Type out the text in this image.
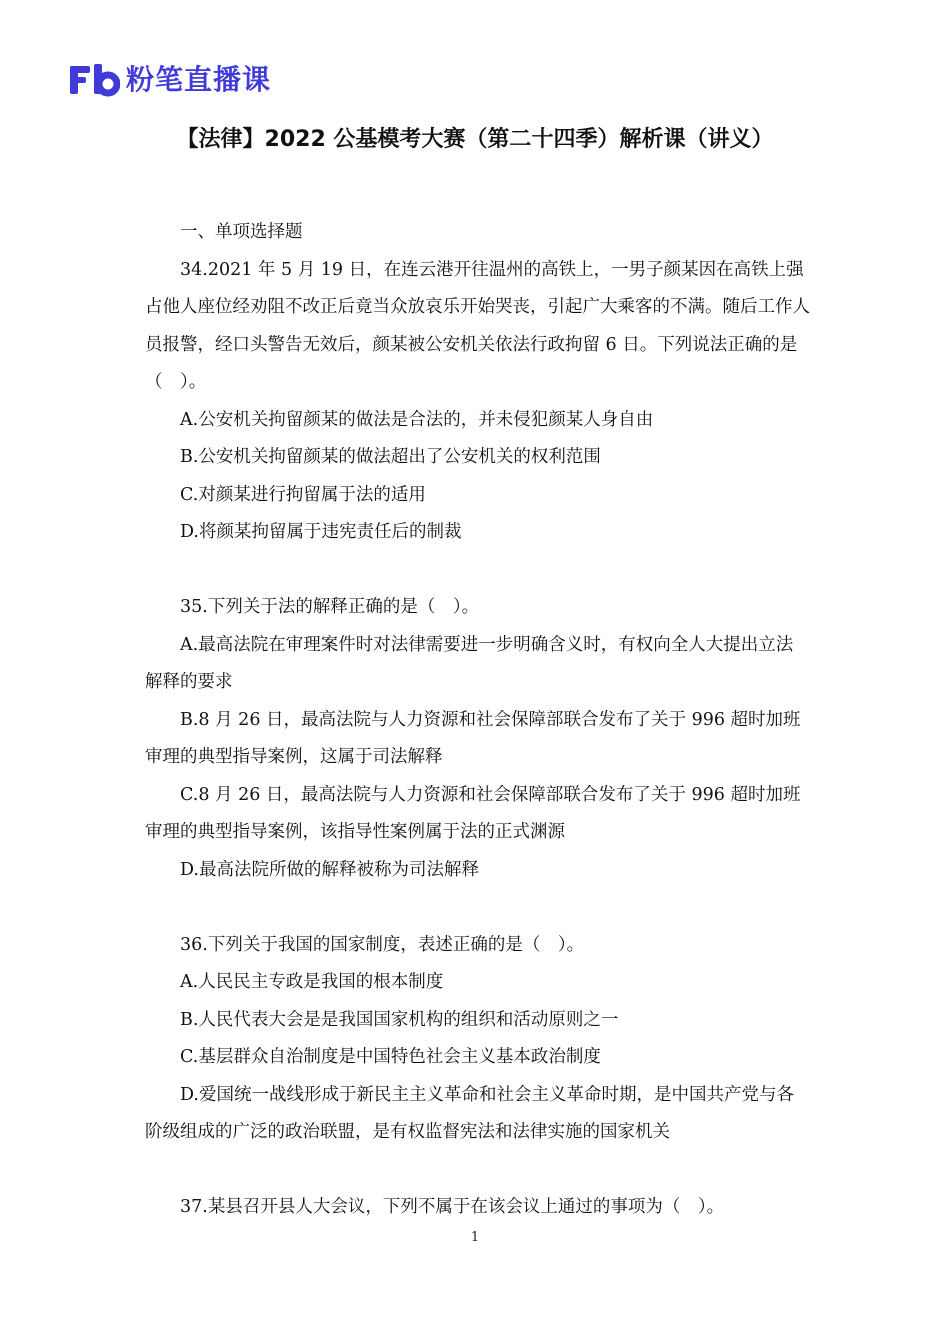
粉笔直播课
【法律】2022 公基模考大赛（第二十四季）解析课（讲义）

一、单项选择题

34.2021 年 5 月 19 日，在连云港开往温州的高铁上，一男子颜某因在高铁上强占他人座位经劝阻不改正后竟当众放哀乐开始哭丧，引起广大乘客的不满。随后工作人员报警，经口头警告无效后，颜某被公安机关依法行政拘留 6 日。下列说法正确的是（　）。

A.公安机关拘留颜某的做法是合法的，并未侵犯颜某人身自由

B.公安机关拘留颜某的做法超出了公安机关的权利范围

C.对颜某进行拘留属于法的适用

D.将颜某拘留属于违宪责任后的制裁

35.下列关于法的解释正确的是（　）。

A.最高法院在审理案件时对法律需要进一步明确含义时，有权向全人大提出立法解释的要求

B.8 月 26 日，最高法院与人力资源和社会保障部联合发布了关于 996 超时加班审理的典型指导案例，这属于司法解释

C.8 月 26 日，最高法院与人力资源和社会保障部联合发布了关于 996 超时加班审理的典型指导案例，该指导性案例属于法的正式渊源

D.最高法院所做的解释被称为司法解释

36.下列关于我国的国家制度，表述正确的是（　）。

A.人民民主专政是我国的根本制度

B.人民代表大会是是我国国家机构的组织和活动原则之一

C.基层群众自治制度是中国特色社会主义基本政治制度

D.爱国统一战线形成于新民主主义革命和社会主义革命时期，是中国共产党与各阶级组成的广泛的政治联盟，是有权监督宪法和法律实施的国家机关

37.某县召开县人大会议，下列不属于在该会议上通过的事项为（　）。

1
